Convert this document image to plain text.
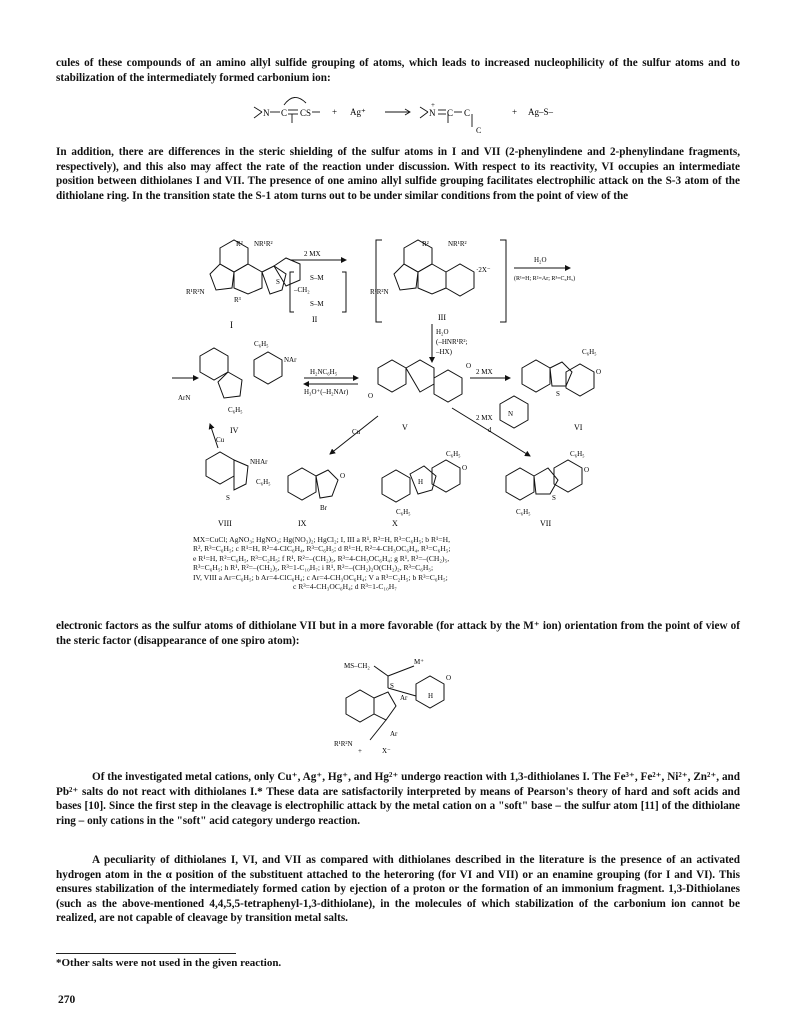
cules of these compounds of an amino allyl sulfide grouping of atoms, which leads to increased nucleophilicity of the sulfur atoms and to stabilization of the intermediately formed carbonium ion:

N C C S + Ag⁺	N
+
C C
C
+ Ag–S–

In addition, there are differences in the steric shielding of the sulfur atoms in I and VII (2-phenylindene and 2-phenylindane fragments, respectively), and this also may affect the rate of the reaction under discussion. With respect to its reactivity, VI occupies an intermediate position between dithiolanes I and VII. The presence of one amino allyl sulfide grouping facilitates electrophilic attack on the S-3 atom of the dithiolane ring. In the transition state the S-1 atom turns out to be under similar conditions from the point of view of the

I
II	III
IV	V	VI
VIII	IX	X	VII
R² NR¹R²
R¹R²N
R³
S
R²	NR¹R²
R¹R²N
C₆H₅
NAr
ArN
C₆H₅
O
O
C₆H₅
O
S
NHAr
C₆H₅
S
O
Br
C₆H₅
O
H
C₆H₅
C₆H₅
O
C₆H₅
S
N
2 MX
S–M
–CH₂
S–M
·2X⁻
H₂O
(R¹=H; R²=Ar; R³=C₆H₅)
H₂O
(–HNR¹R²;
–HX)
H₂NC₆H₅
H₃O⁺(–H₂NAr)
2 MX
Cu
Cu
2 MX
d
MX=CuCl; AgNO₃; HgNO₃; Hg(NO₃)₂; HgCl₂; I, III a R¹, R²=H, R³=C₆H₅; b R¹=H,
R², R³=C₆H₅; c R¹=H, R²=4-ClC₆H₄, R³=C₆H₅; d R¹=H, R²=4-CH₃OC₆H₄, R³=C₆H₅;
e R¹=H, R²=C₆H₅, R³=C₂H₅; f R¹, R²=–(CH₂)₅, R³=4-CH₃OC₆H₄; g R¹, R²=–(CH₂)₅,
R³=C₆H₅; h R¹, R²=–(CH₂)₅, R³=1-C₁₀H₇; i R¹, R²=–(CH₂)₂O(CH₂)₂, R³=C₆H₅;
IV, VIII a Ar=C₆H₅; b Ar=4-ClC₆H₄; c Ar=4-CH₃OC₆H₄; V a R³=C₂H₅; b R³=C₆H₅;
c R³=4-CH₃OC₆H₄; d R³=1-C₁₀H₇

electronic factors as the sulfur atoms of dithiolane VII but in a more favorable (for attack by the M⁺ ion) orientation from the point of view of the steric factor (disappearance of one spiro atom):

MS–CH₂	M⁺
S
Ar	H
O
Ar
R¹R²N
+	X⁻

Of the investigated metal cations, only Cu⁺, Ag⁺, Hg⁺, and Hg²⁺ undergo reaction with 1,3-dithiolanes I. The Fe³⁺, Fe²⁺, Ni²⁺, Zn²⁺, and Pb²⁺ salts do not react with dithiolanes I.* These data are satisfactorily interpreted by means of Pearson's theory of hard and soft acids and bases [10]. Since the first step in the cleavage is electrophilic attack by the metal cation on a "soft" base – the sulfur atom [11] of the dithiolane ring – only cations in the "soft" acid category undergo reaction.

A peculiarity of dithiolanes I, VI, and VII as compared with dithiolanes described in the literature is the presence of an activated hydrogen atom in the α position of the substituent attached to the heteroring (for VI and VII) or an enamine grouping (for I and VI). This ensures stabilization of the intermediately formed cation by ejection of a proton or the formation of an immonium fragment. 1,3-Dithiolanes (such as the above-mentioned 4,4,5,5-tetraphenyl-1,3-dithiolane), in the molecules of which stabilization of the carbonium ion cannot be realized, are not capable of cleavage by transition metal salts.

*Other salts were not used in the given reaction.

270
